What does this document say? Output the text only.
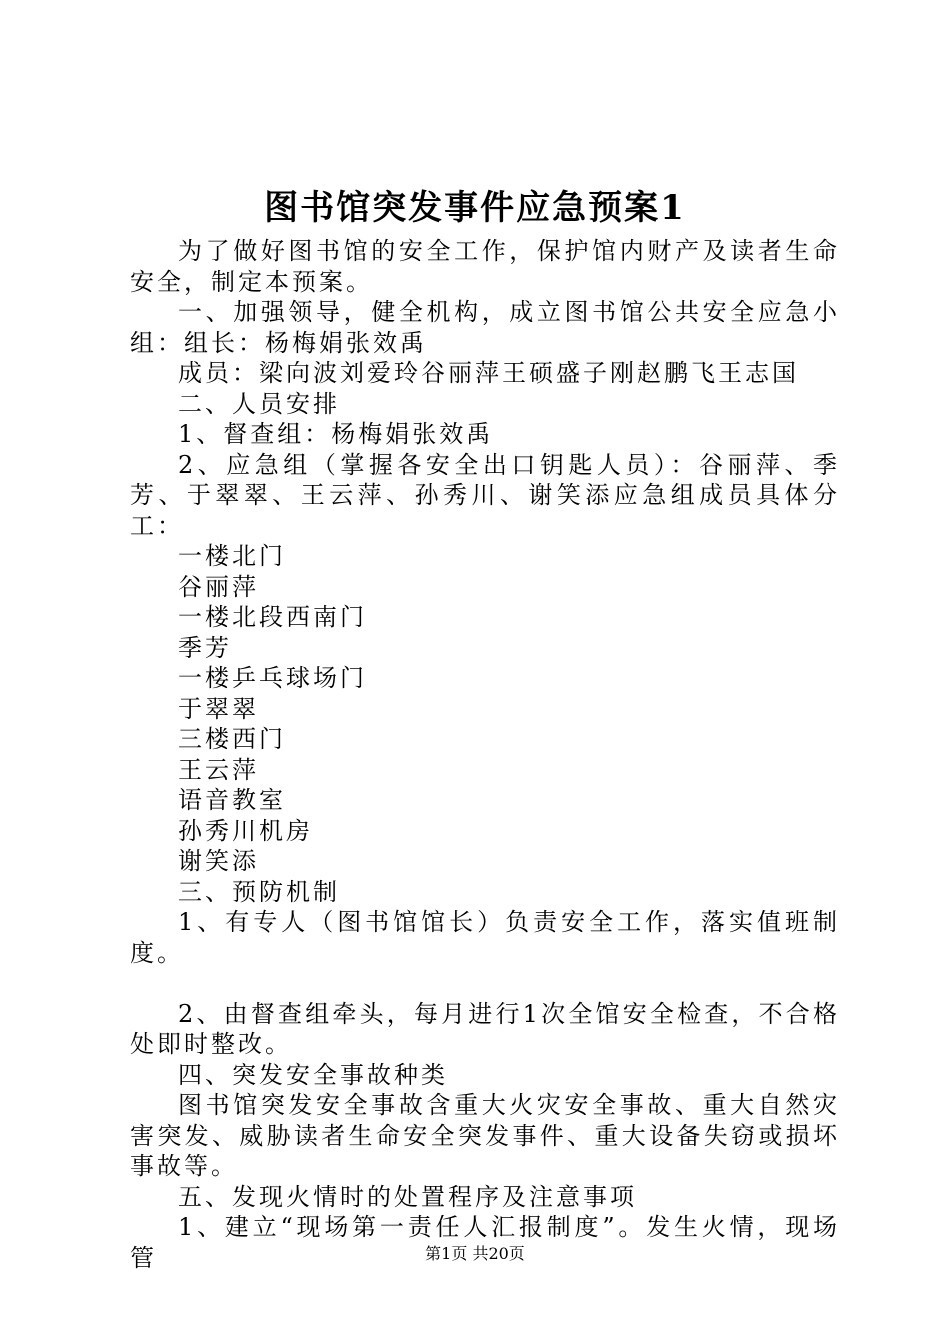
图书馆突发事件应急预案1

为了做好图书馆的安全工作，保护馆内财产及读者生命安全，制定本预案。

一、加强领导，健全机构，成立图书馆公共安全应急小组：组长：杨梅娟张效禹

成员：梁向波刘爱玲谷丽萍王硕盛子刚赵鹏飞王志国

二、人员安排

1、督查组：杨梅娟张效禹

2、应急组（掌握各安全出口钥匙人员）：谷丽萍、季芳、于翠翠、王云萍、孙秀川、谢笑添应急组成员具体分工：

一楼北门

谷丽萍

一楼北段西南门

季芳

一楼乒乓球场门

于翠翠

三楼西门

王云萍

语音教室

孙秀川机房

谢笑添

三、预防机制

1、有专人（图书馆馆长）负责安全工作，落实值班制度。

2、由督查组牵头，每月进行1次全馆安全检查，不合格处即时整改。

四、突发安全事故种类

图书馆突发安全事故含重大火灾安全事故、重大自然灾害突发、威胁读者生命安全突发事件、重大设备失窃或损坏事故等。

五、发现火情时的处置程序及注意事项

1、建立“现场第一责任人汇报制度”。发生火情，现场管	第1页 共20页
